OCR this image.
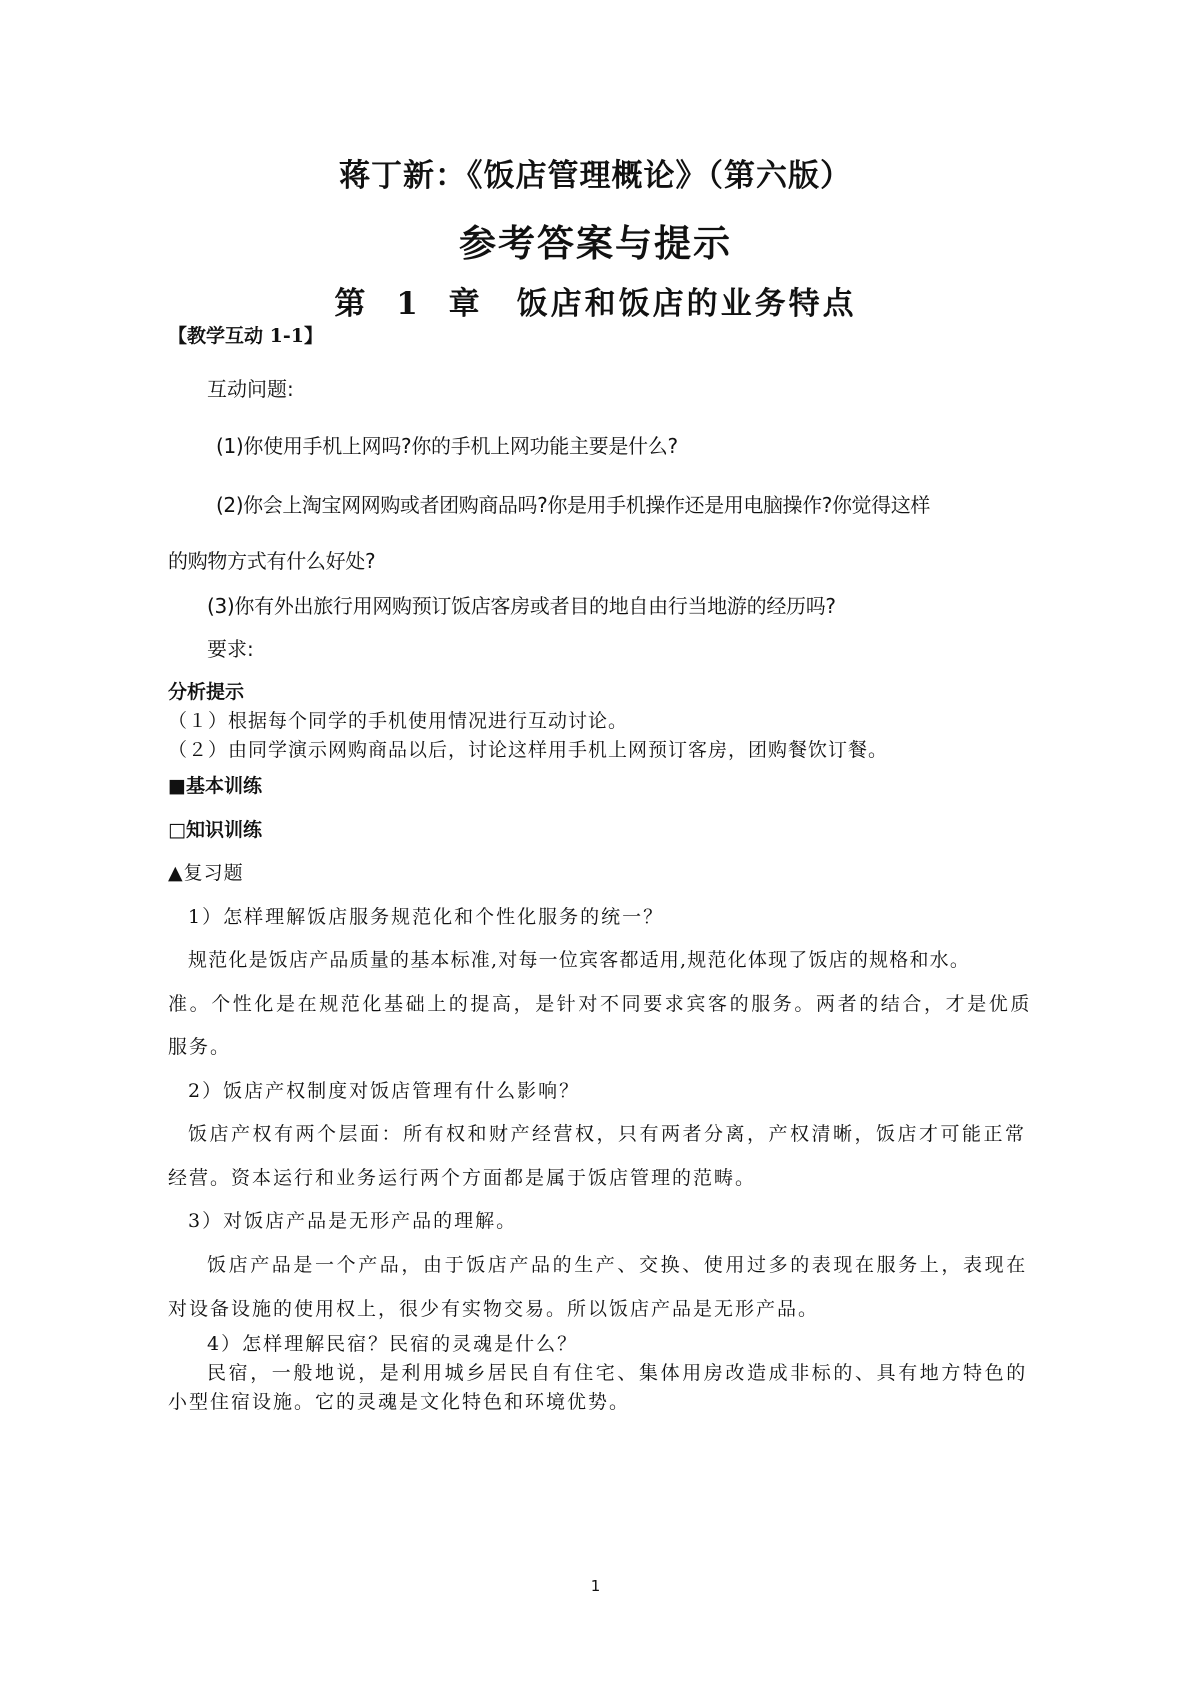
蒋丁新：《饭店管理概论》（第六版）
参考答案与提示
第 1 章　饭店和饭店的业务特点
【教学互动 1-1】
互动问题:
(1)你使用手机上网吗?你的手机上网功能主要是什么?
(2)你会上淘宝网网购或者团购商品吗?你是用手机操作还是用电脑操作?你觉得这样
的购物方式有什么好处?
(3)你有外出旅行用网购预订饭店客房或者目的地自由行当地游的经历吗?
要求:
分析提示
（１）根据每个同学的手机使用情况进行互动讨论。
（２）由同学演示网购商品以后，讨论这样用手机上网预订客房，团购餐饮订餐。
■基本训练
□知识训练
▲复习题
1）怎样理解饭店服务规范化和个性化服务的统一？
规范化是饭店产品质量的基本标准,对每一位宾客都适用,规范化体现了饭店的规格和水。
准。个性化是在规范化基础上的提高，是针对不同要求宾客的服务。两者的结合，才是优质
服务。
2）饭店产权制度对饭店管理有什么影响？
饭店产权有两个层面：所有权和财产经营权，只有两者分离，产权清晰，饭店才可能正常
经营。资本运行和业务运行两个方面都是属于饭店管理的范畴。
3）对饭店产品是无形产品的理解。
饭店产品是一个产品，由于饭店产品的生产、交换、使用过多的表现在服务上，表现在
对设备设施的使用权上，很少有实物交易。所以饭店产品是无形产品。
4）怎样理解民宿？民宿的灵魂是什么？
民宿，一般地说，是利用城乡居民自有住宅、集体用房改造成非标的、具有地方特色的
小型住宿设施。它的灵魂是文化特色和环境优势。
1
